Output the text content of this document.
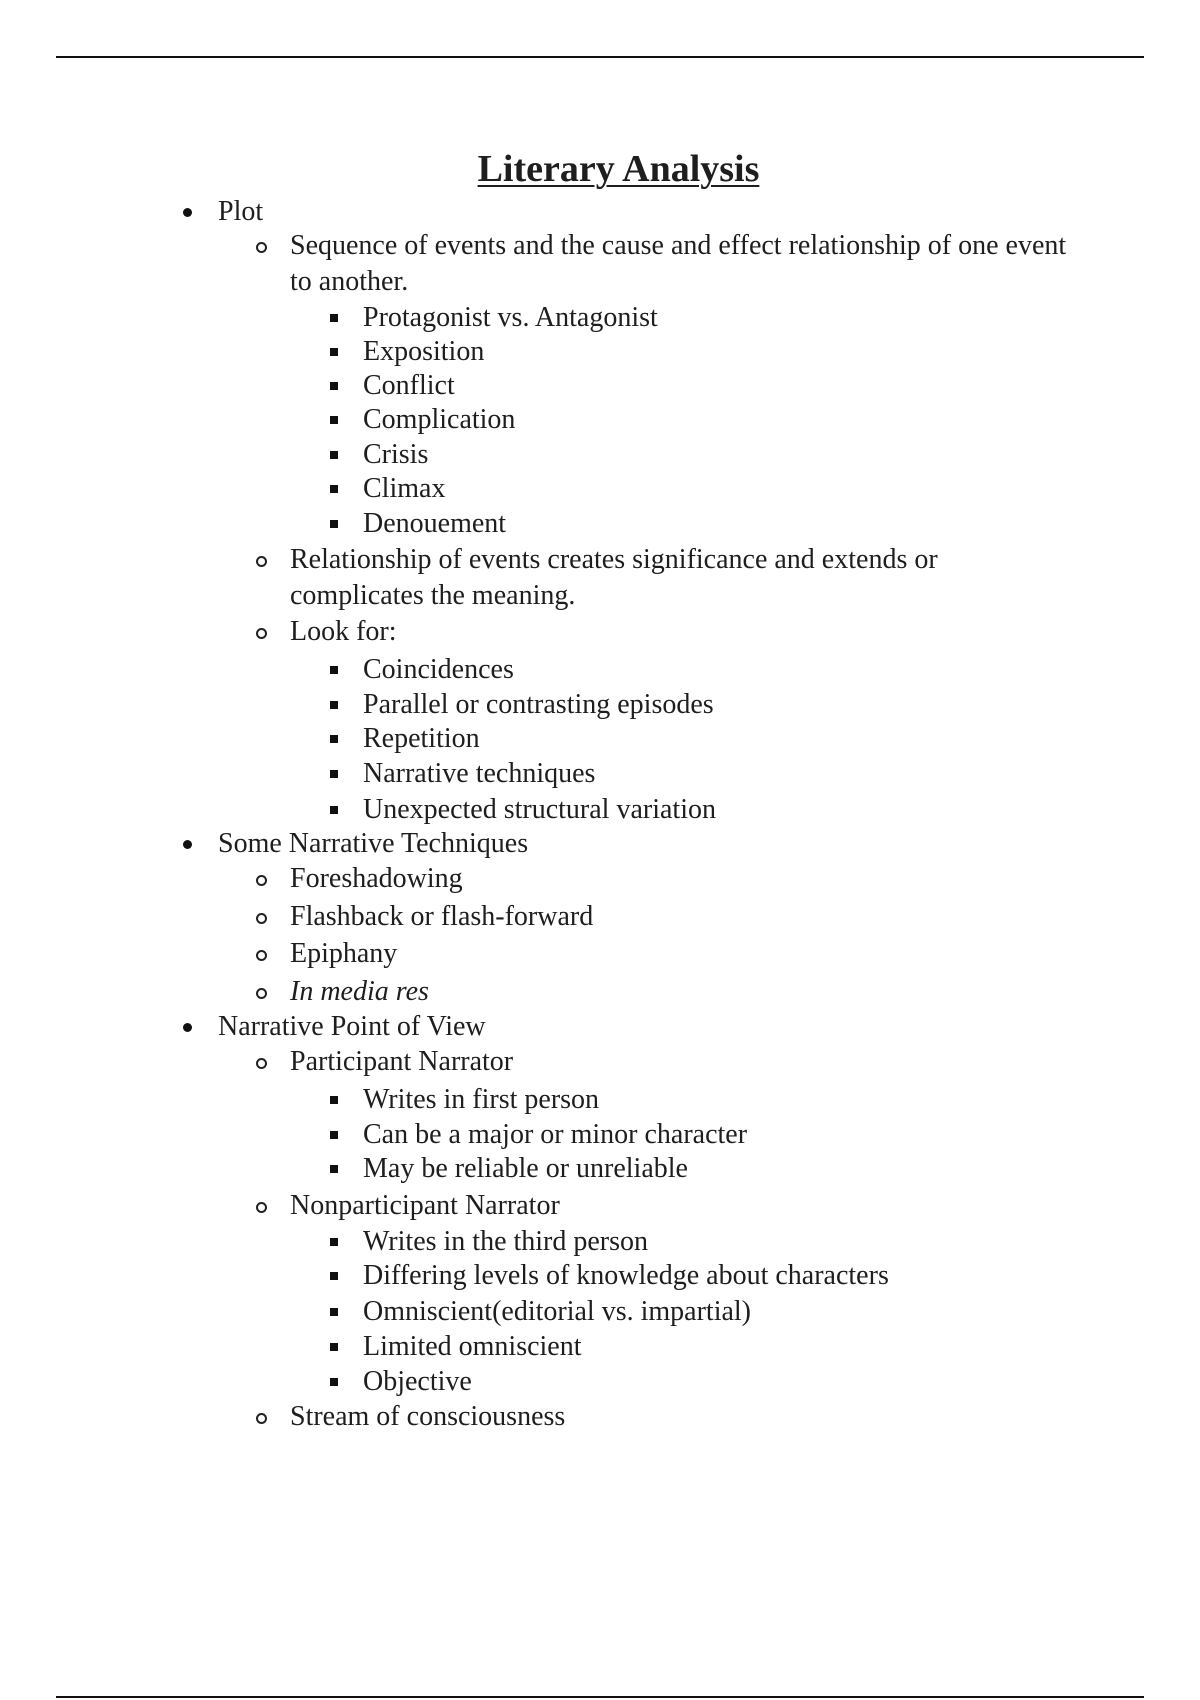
Literary Analysis
Plot
Sequence of events and the cause and effect relationship of one event to another.
Protagonist vs. Antagonist
Exposition
Conflict
Complication
Crisis
Climax
Denouement
Relationship of events creates significance and extends or complicates the meaning.
Look for:
Coincidences
Parallel or contrasting episodes
Repetition
Narrative techniques
Unexpected structural variation
Some Narrative Techniques
Foreshadowing
Flashback or flash-forward
Epiphany
In media res
Narrative Point of View
Participant Narrator
Writes in first person
Can be a major or minor character
May be reliable or unreliable
Nonparticipant Narrator
Writes in the third person
Differing levels of knowledge about characters
Omniscient(editorial vs. impartial)
Limited omniscient
Objective
Stream of consciousness
